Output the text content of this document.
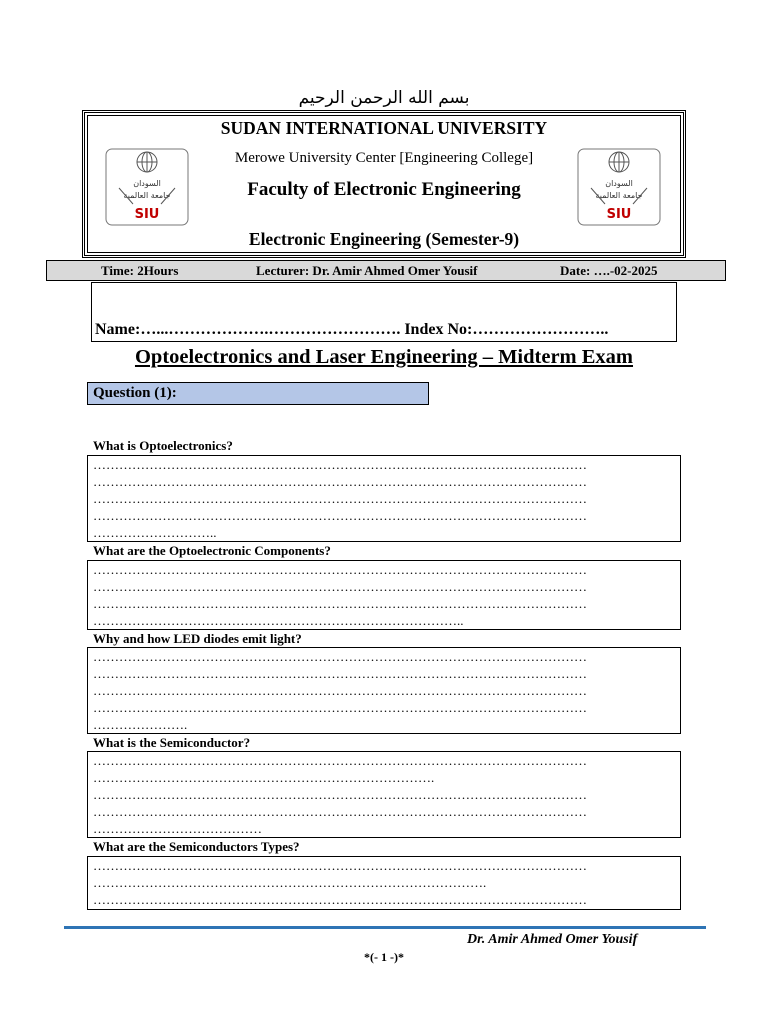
بسم الله الرحمن الرحيم
السودان
جامعة العالمية
SIU
السودان
جامعة العالمية
SIU
SUDAN INTERNATIONAL UNIVERSITY
Merowe University Center [Engineering College]
Faculty of Electronic Engineering
Electronic Engineering (Semester-9)
Time: 2Hours	Lecturer: Dr. Amir Ahmed Omer Yousif	Date: ….-02-2025
Name:…...……………….……………………. Index No:……………………..
Optoelectronics and Laser Engineering – Midterm Exam
Question (1):
What is Optoelectronics?
……………………………………………………………………………………………………
……………………………………………………………………………………………………
……………………………………………………………………………………………………
……………………………………………………………………………………………………
………………………..
What are the Optoelectronic Components?
……………………………………………………………………………………………………
……………………………………………………………………………………………………
……………………………………………………………………………………………………
…………………………………………………………………………..
Why and how LED diodes emit light?
……………………………………………………………………………………………………
……………………………………………………………………………………………………
……………………………………………………………………………………………………
……………………………………………………………………………………………………
………………….
What is the Semiconductor?
……………………………………………………………………………………………………
…………………………………………………………………….
……………………………………………………………………………………………………
……………………………………………………………………………………………………
…………………………………
What are the Semiconductors Types?
……………………………………………………………………………………………………
……………………………………………………………………………….
……………………………………………………………………………………………………
Dr. Amir Ahmed Omer Yousif
*(- 1 -)*
